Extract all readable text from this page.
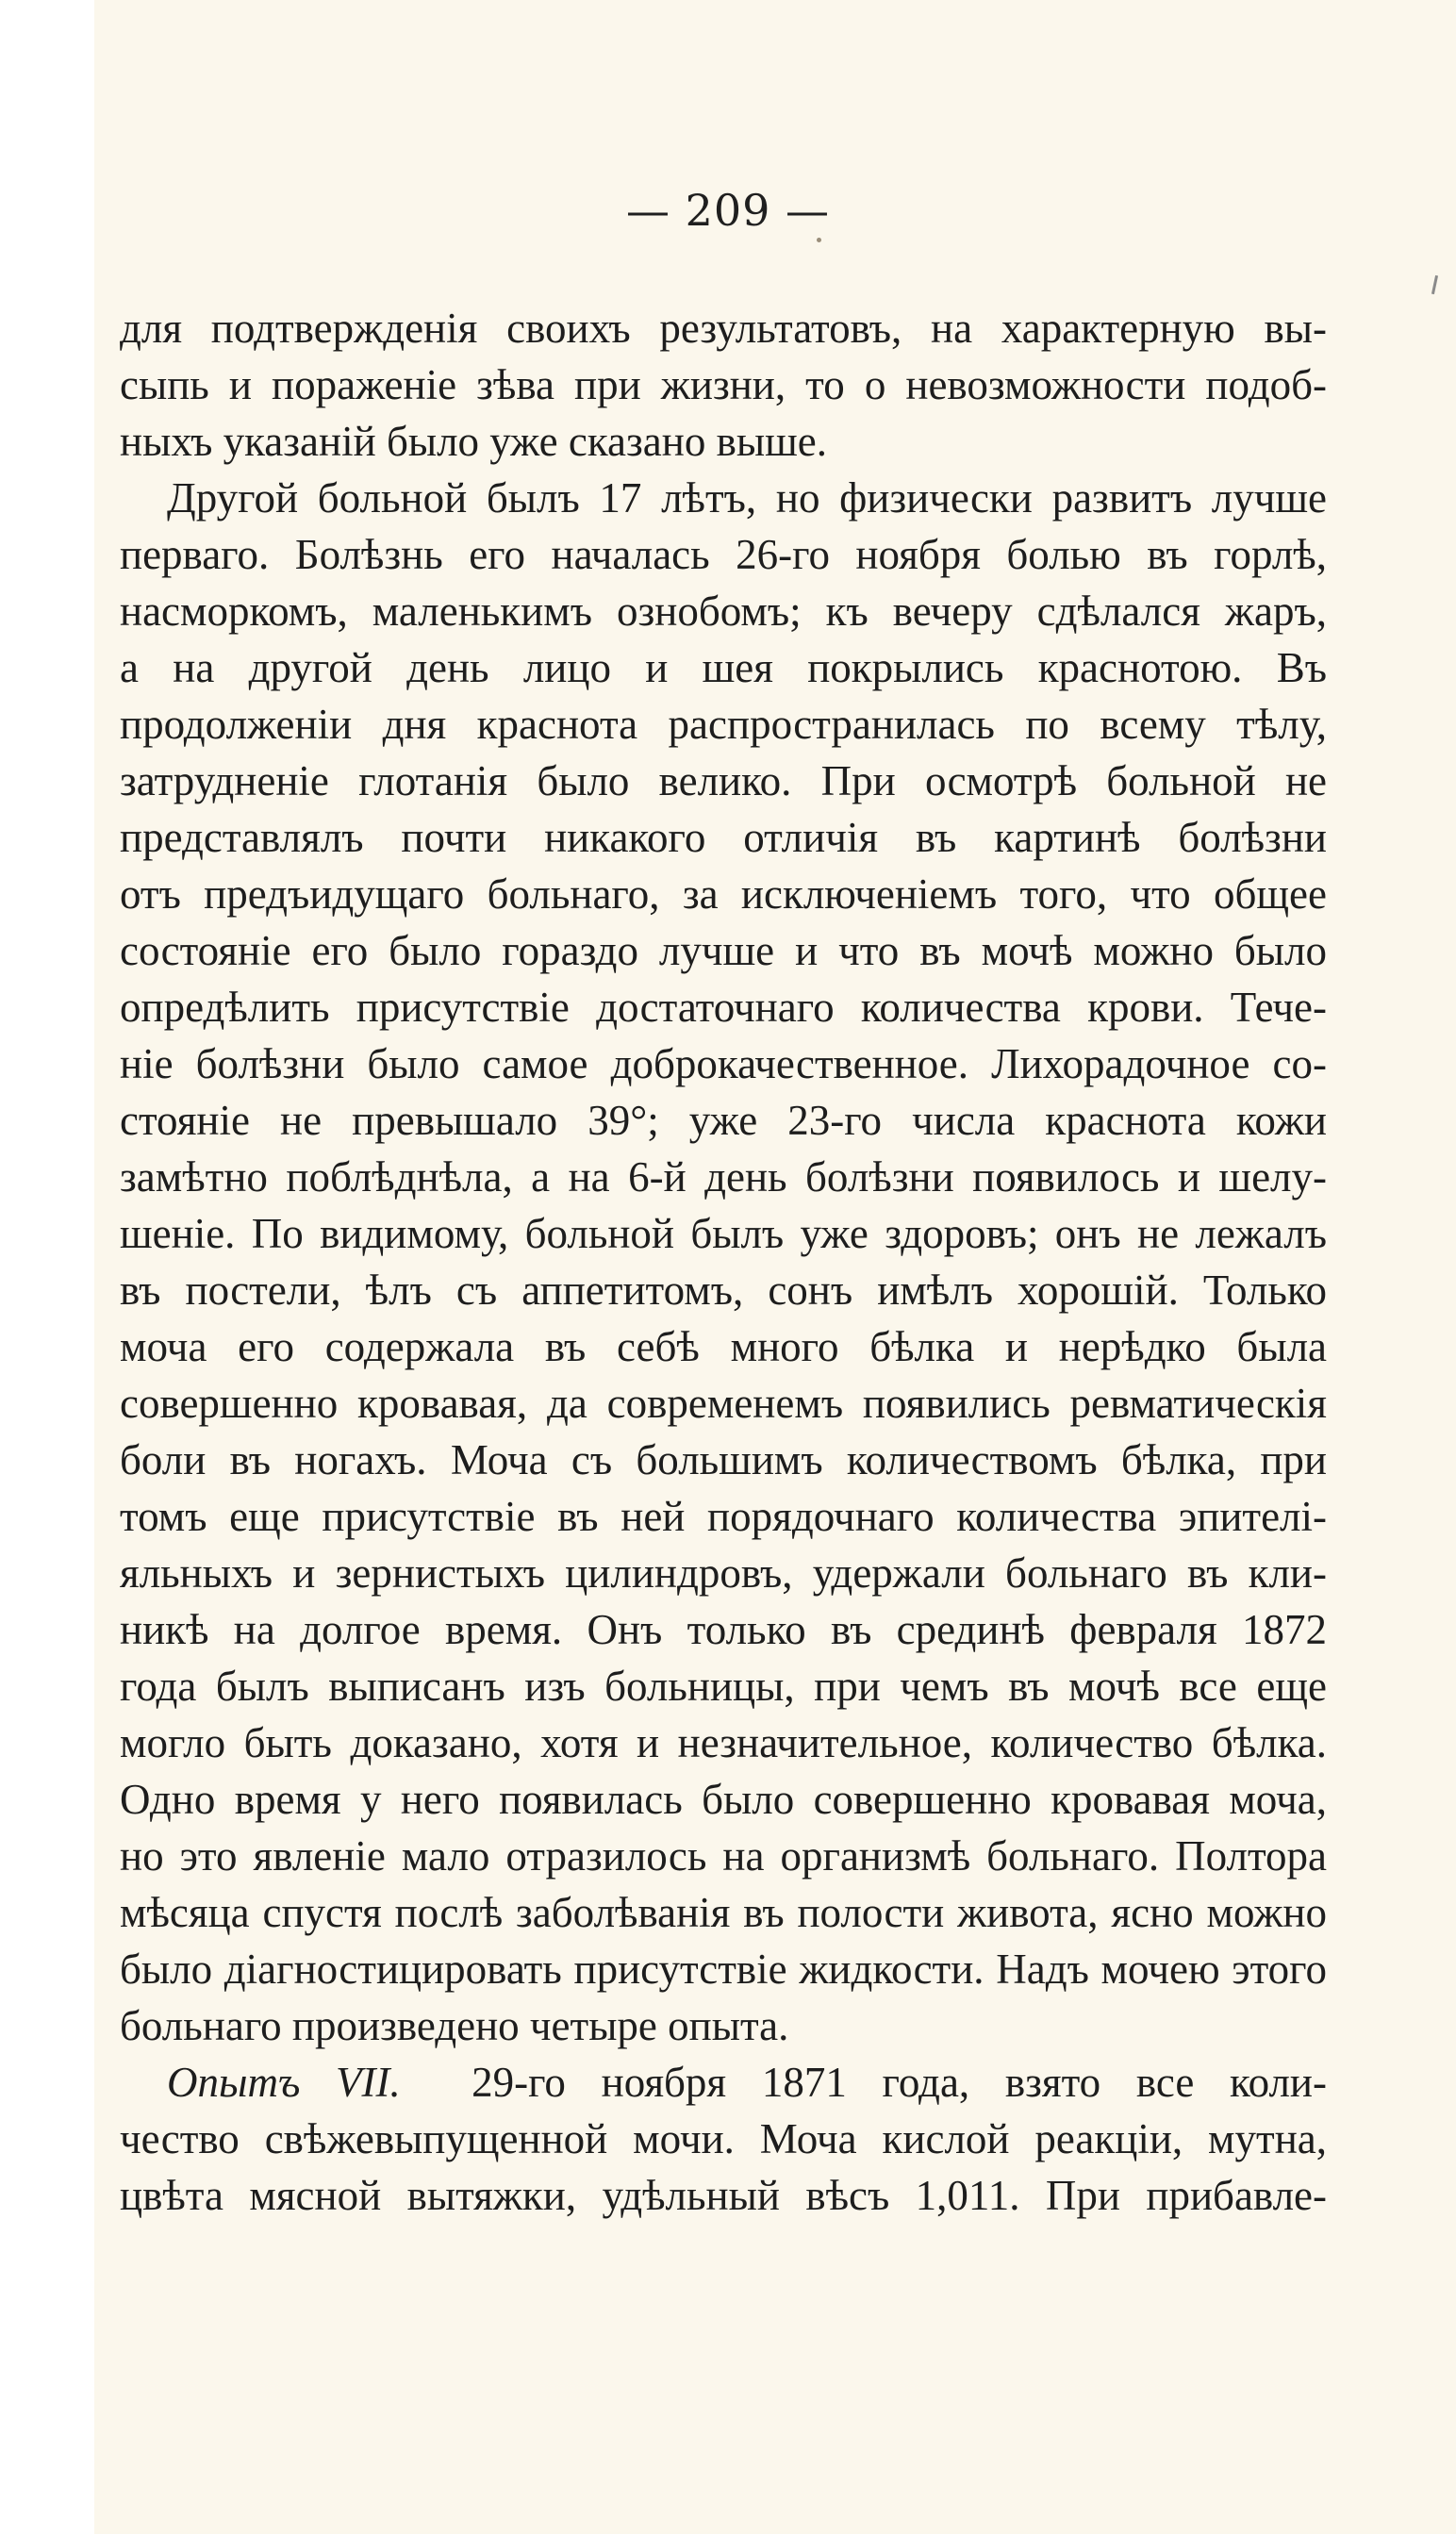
— 209 —
для подтвержденія своихъ результатовъ, на характерную вы-
сыпь и пораженіе зѣва при жизни, то о невозможности подоб-
ныхъ указаній было уже сказано выше.
Другой больной былъ 17 лѣтъ, но физически развитъ лучше
перваго. Болѣзнь его началась 26-го ноября болью въ горлѣ,
насморкомъ, маленькимъ ознобомъ; къ вечеру сдѣлался жаръ,
а на другой день лицо и шея покрылись краснотою. Въ
продолженіи дня краснота распространилась по всему тѣлу,
затрудненіе глотанія было велико. При осмотрѣ больной не
представлялъ почти никакого отличія въ картинѣ болѣзни
отъ предъидущаго больнаго, за исключеніемъ того, что общее
состояніе его было гораздо лучше и что въ мочѣ можно было
опредѣлить присутствіе достаточнаго количества крови. Тече-
ніе болѣзни было самое доброкачественное. Лихорадочное со-
стояніе не превышало 39°; уже 23-го числа краснота кожи
замѣтно поблѣднѣла, а на 6-й день болѣзни появилось и шелу-
шеніе. По видимому, больной былъ уже здоровъ; онъ не лежалъ
въ постели, ѣлъ съ аппетитомъ, сонъ имѣлъ хорошій. Только
моча его содержала въ себѣ много бѣлка и нерѣдко была
совершенно кровавая, да современемъ появились ревматическія
боли въ ногахъ. Моча съ большимъ количествомъ бѣлка, при
томъ еще присутствіе въ ней порядочнаго количества эпителі-
яльныхъ и зернистыхъ цилиндровъ, удержали больнаго въ кли-
никѣ на долгое время. Онъ только въ срединѣ февраля 1872
года былъ выписанъ изъ больницы, при чемъ въ мочѣ все еще
могло быть доказано, хотя и незначительное, количество бѣлка.
Одно время у него появилась было совершенно кровавая моча,
но это явленіе мало отразилось на организмѣ больнаго. Полтора
мѣсяца спустя послѣ заболѣванія въ полости живота, ясно можно
было діагностицировать присутствіе жидкости. Надъ мочею этого
больнаго произведено четыре опыта.
Опытъ VII. 29-го ноября 1871 года, взято все коли-
чество свѣжевыпущенной мочи. Моча кислой реакціи, мутна,
цвѣта мясной вытяжки, удѣльный вѣсъ 1,011. При прибавле-
